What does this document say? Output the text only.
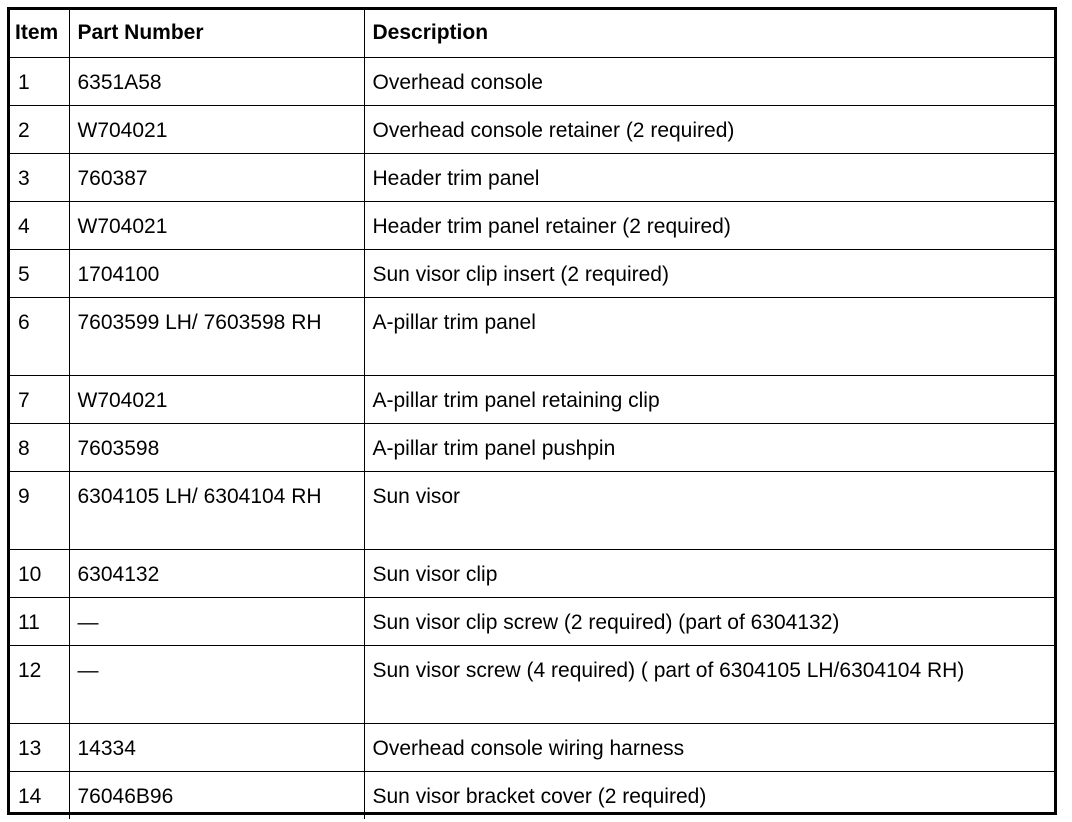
Item	Part Number	Description
1	6351A58	Overhead console
2	W704021	Overhead console retainer (2 required)
3	760387	Header trim panel
4	W704021	Header trim panel retainer (2 required)
5	1704100	Sun visor clip insert (2 required)
6	7603599 LH/ 7603598 RH	A-pillar trim panel
7	W704021	A-pillar trim panel retaining clip
8	7603598	A-pillar trim panel pushpin
9	6304105 LH/ 6304104 RH	Sun visor
10	6304132	Sun visor clip
11	—	Sun visor clip screw (2 required) (part of 6304132)
12	—	Sun visor screw (4 required) ( part of 6304105 LH/6304104 RH)
13	14334	Overhead console wiring harness
14	76046B96	Sun visor bracket cover (2 required)
